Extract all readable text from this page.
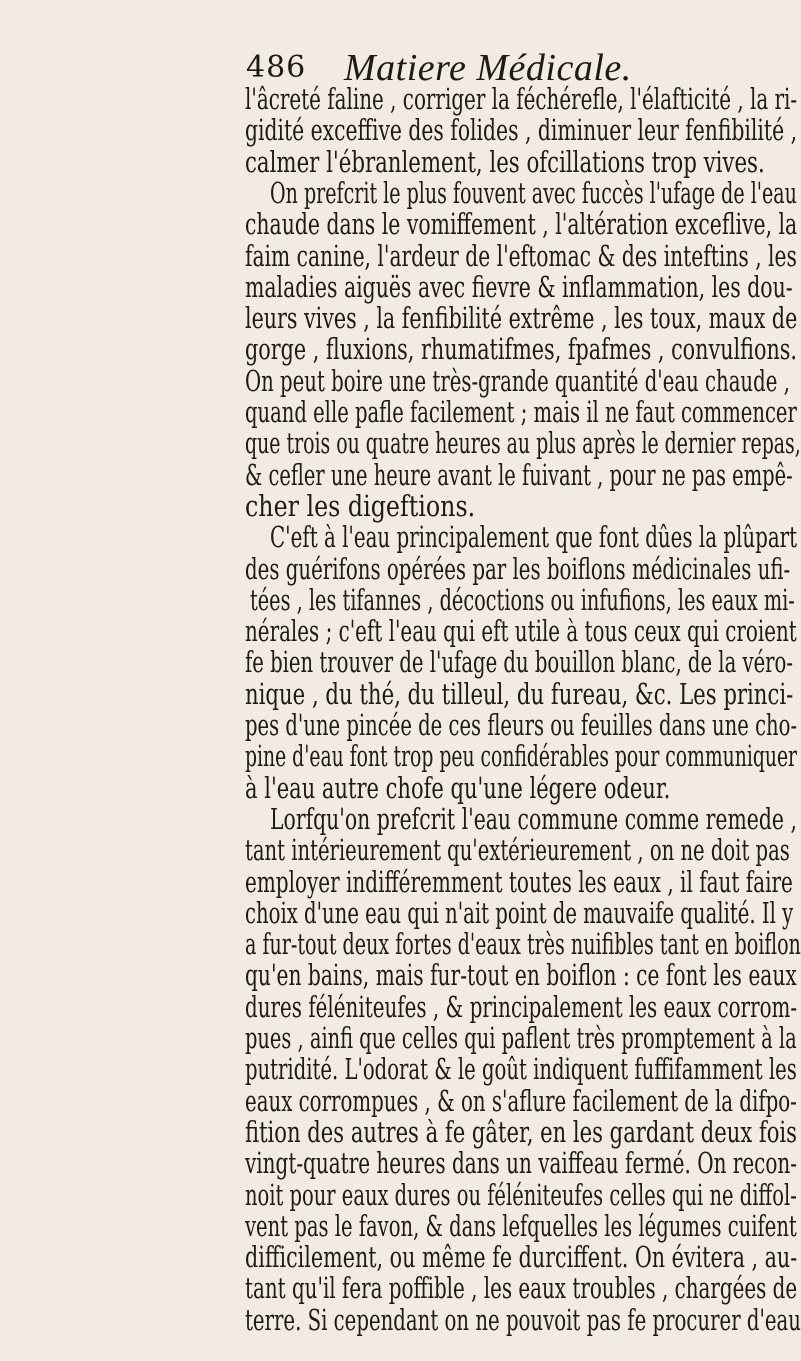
486 Matiere Médicale.
l'âcreté faline , corriger la féchérefle, l'élafticité , la ri-
gidité exceffive des folides , diminuer leur fenfibilité ,
calmer l'ébranlement, les ofcillations trop vives.
On prefcrit le plus fouvent avec fuccès l'ufage de l'eau
chaude dans le vomiffement , l'altération exceflive, la
faim canine, l'ardeur de l'eftomac & des inteftins , les
maladies aiguës avec fievre & inflammation, les dou-
leurs vives , la fenfibilité extrême , les toux, maux de
gorge , fluxions, rhumatifmes, fpafmes , convulfions.
On peut boire une très-grande quantité d'eau chaude ,
quand elle pafle facilement ; mais il ne faut commencer
que trois ou quatre heures au plus après le dernier repas,
& cefler une heure avant le fuivant , pour ne pas empê-
cher les digeftions.
C'eft à l'eau principalement que font dûes la plûpart
des guérifons opérées par les boiflons médicinales ufi-
tées , les tifannes , décoctions ou infufions, les eaux mi-
nérales ; c'eft l'eau qui eft utile à tous ceux qui croient
fe bien trouver de l'ufage du bouillon blanc, de la véro-
nique , du thé, du tilleul, du fureau, &c. Les princi-
pes d'une pincée de ces fleurs ou feuilles dans une cho-
pine d'eau font trop peu confidérables pour communiquer
à l'eau autre chofe qu'une légere odeur.
Lorfqu'on prefcrit l'eau commune comme remede ,
tant intérieurement qu'extérieurement , on ne doit pas
employer indifféremment toutes les eaux , il faut faire
choix d'une eau qui n'ait point de mauvaife qualité. Il y
a fur-tout deux fortes d'eaux très nuifibles tant en boiflon
qu'en bains, mais fur-tout en boiflon : ce font les eaux
dures féléniteufes , & principalement les eaux corrom-
pues , ainfi que celles qui paflent très promptement à la
putridité. L'odorat & le goût indiquent fuffifamment les
eaux corrompues , & on s'aflure facilement de la difpo-
fition des autres à fe gâter, en les gardant deux fois
vingt-quatre heures dans un vaiffeau fermé. On recon-
noit pour eaux dures ou féléniteufes celles qui ne diffol-
vent pas le favon, & dans lefquelles les légumes cuifent
difficilement, ou même fe durciffent. On évitera , au-
tant qu'il fera poffible , les eaux troubles , chargées de
terre. Si cependant on ne pouvoit pas fe procurer d'eau
